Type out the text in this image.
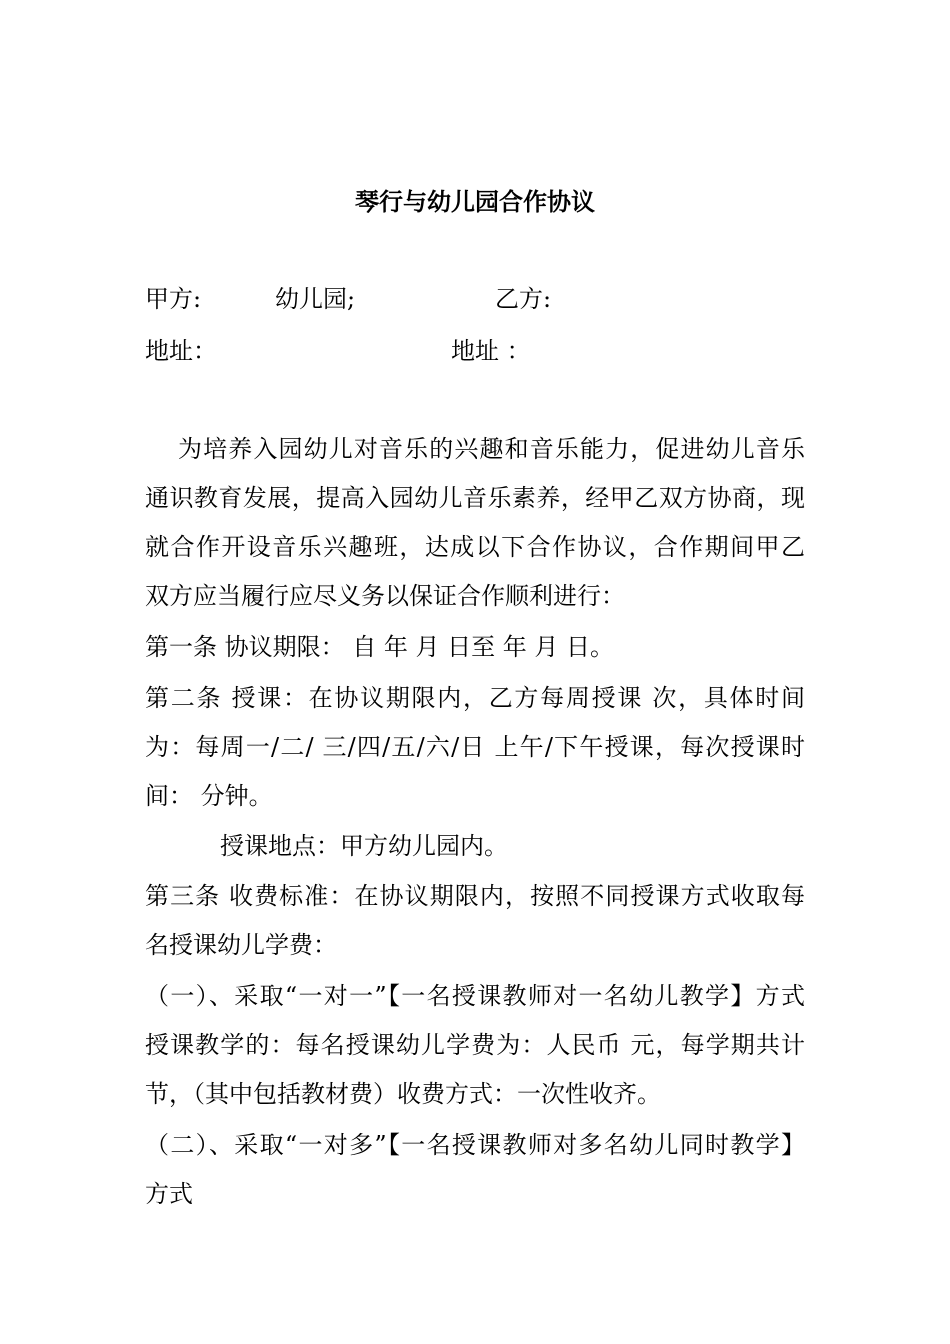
琴行与幼儿园合作协议
甲方:	幼儿园;	乙方:
地址：	地址 ：
为培养入园幼儿对音乐的兴趣和音乐能力，促进幼儿音乐
通识教育发展，提高入园幼儿音乐素养，经甲乙双方协商，现
就合作开设音乐兴趣班，达成以下合作协议，合作期间甲乙
双方应当履行应尽义务以保证合作顺利进行：
第一条 协议期限： 自 年 月 日至 年 月 日。
第二条 授课：在协议期限内，乙方每周授课 次，具体时间
为：每周一/二/ 三/四/五/六/日 上午/下午授课，每次授课时
间： 分钟。
授课地点：甲方幼儿园内。
第三条 收费标准：在协议期限内，按照不同授课方式收取每
名授课幼儿学费：
（一）、采取“一对一”【一名授课教师对一名幼儿教学】方式
授课教学的：每名授课幼儿学费为：人民币 元，每学期共计
节，（其中包括教材费）收费方式：一次性收齐。
（二）、采取“一对多”【一名授课教师对多名幼儿同时教学】
方式
